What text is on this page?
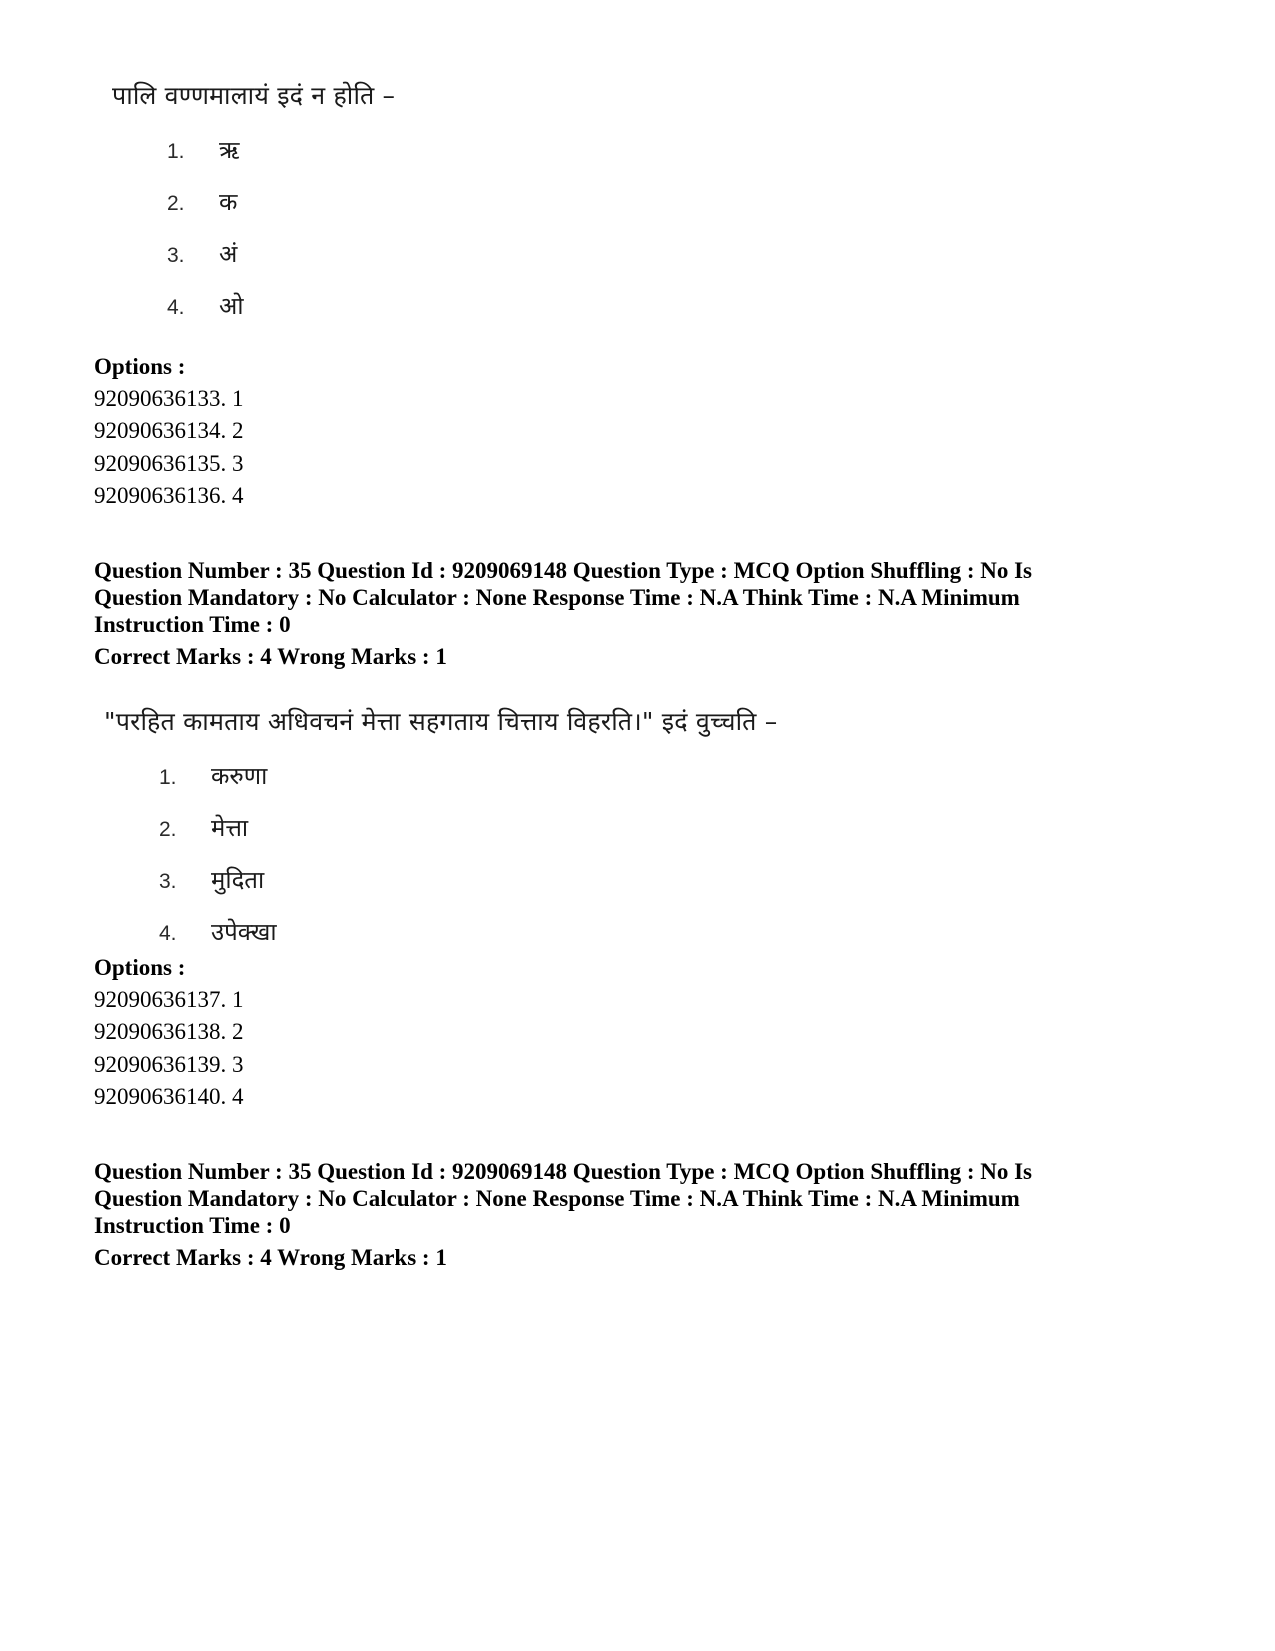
पालि वण्णमालायं इदं न होति –
1. ऋ
2. क
3. अं
4. ओ
Options :
92090636133. 1
92090636134. 2
92090636135. 3
92090636136. 4
Question Number : 35 Question Id : 9209069148 Question Type : MCQ Option Shuffling : No Is
Question Mandatory : No Calculator : None Response Time : N.A Think Time : N.A Minimum
Instruction Time : 0
Correct Marks : 4 Wrong Marks : 1
"परहित कामताय अधिवचनं मेत्ता सहगताय चित्ताय विहरति।" इदं वुच्चति –
1. करुणा
2. मेत्ता
3. मुदिता
4. उपेक्खा
Options :
92090636137. 1
92090636138. 2
92090636139. 3
92090636140. 4
Question Number : 35 Question Id : 9209069148 Question Type : MCQ Option Shuffling : No Is
Question Mandatory : No Calculator : None Response Time : N.A Think Time : N.A Minimum
Instruction Time : 0
Correct Marks : 4 Wrong Marks : 1
